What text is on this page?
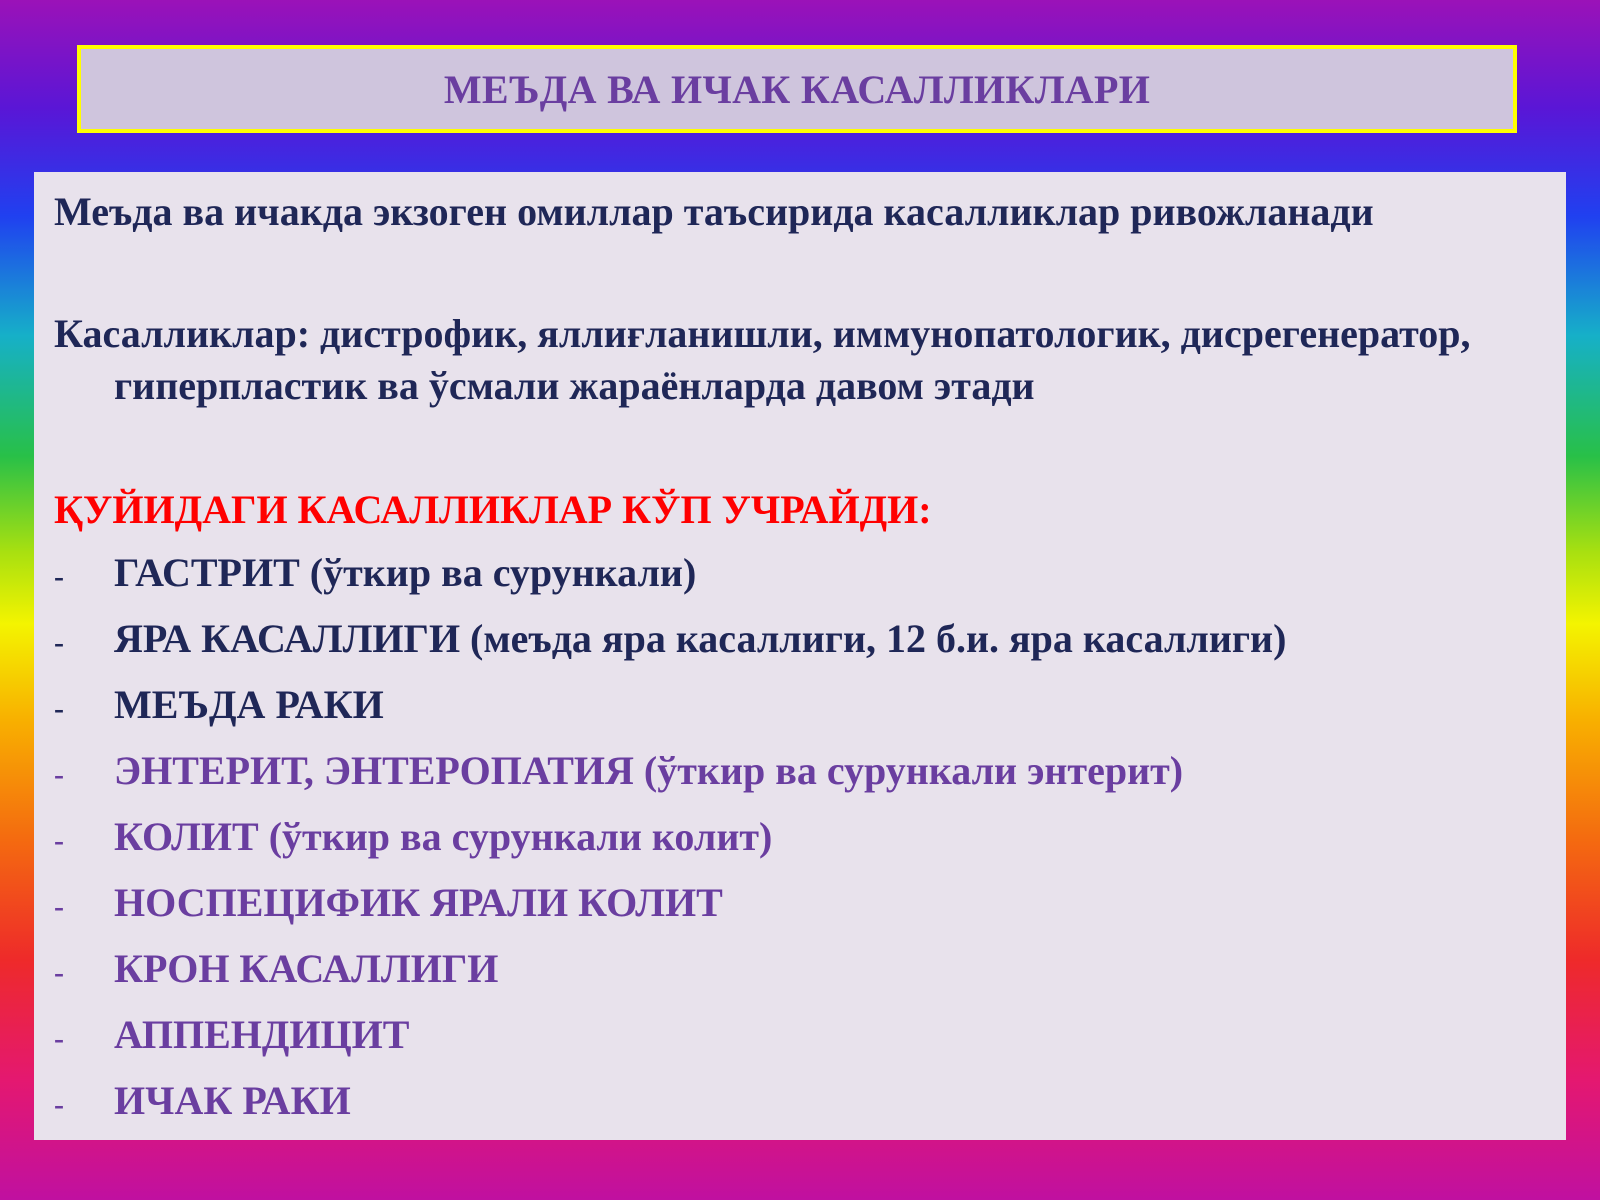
МЕЪДА ВА ИЧАК КАСАЛЛИКЛАРИ

Меъда ва ичакда экзоген омиллар таъсирида касалликлар ривожланади

Касалликлар: дистрофик, яллиғланишли, иммунопатологик, дисрегенератор, гиперпластик ва ўсмали жараёнларда давом этади

ҚУЙИДАГИ КАСАЛЛИКЛАР КЎП УЧРАЙДИ:
-	ГАСТРИТ (ўткир ва сурункали)
-	ЯРА КАСАЛЛИГИ (меъда яра касаллиги, 12 б.и. яра касаллиги)
-	МЕЪДА РАКИ
-	ЭНТЕРИТ, ЭНТЕРОПАТИЯ (ўткир ва сурункали энтерит)
-	КОЛИТ (ўткир ва сурункали колит)
-	НОСПЕЦИФИК ЯРАЛИ КОЛИТ
-	КРОН КАСАЛЛИГИ
-	АППЕНДИЦИТ
-	ИЧАК РАКИ
